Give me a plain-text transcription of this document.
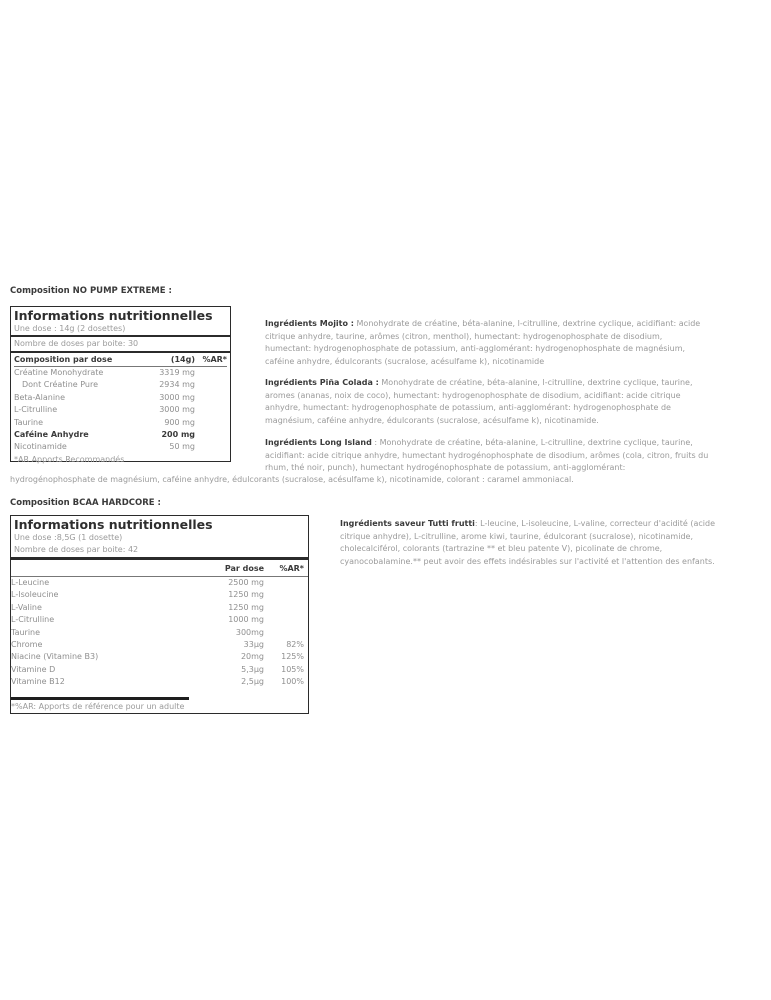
Composition NO PUMP EXTREME :
Informations nutritionnelles
Une dose : 14g (2 dosettes)
Nombre de doses par boite: 30
Composition par dose	(14g) %AR*
Créatine Monohydrate	3319 mg
Dont Créatine Pure	2934 mg
Beta-Alanine	3000 mg
L-Citrulline	3000 mg
Taurine	900 mg
Caféine Anhydre	200 mg
Nicotinamide	50 mg
*AR Apports Recommandés
Ingrédients Mojito : Monohydrate de créatine, béta-alanine, l-citrulline, dextrine cyclique, acidifiant: acide
citrique anhydre, taurine, arômes (citron, menthol), humectant: hydrogenophosphate de disodium,
humectant: hydrogenophosphate de potassium, anti-agglomérant: hydrogenophosphate de magnésium,
caféine anhydre, édulcorants (sucralose, acésulfame k), nicotinamide
Ingrédients Piña Colada : Monohydrate de créatine, béta-alanine, l-citrulline, dextrine cyclique, taurine,
aromes (ananas, noix de coco), humectant: hydrogenophosphate de disodium, acidifiant: acide citrique
anhydre, humectant: hydrogenophosphate de potassium, anti-agglomérant: hydrogenophosphate de
magnésium, caféine anhydre, édulcorants (sucralose, acésulfame k), nicotinamide.
Ingrédients Long Island : Monohydrate de créatine, béta-alanine, L-citrulline, dextrine cyclique, taurine,
acidifiant: acide citrique anhydre, humectant hydrogénophosphate de disodium, arômes (cola, citron, fruits du
rhum, thé noir, punch), humectant hydrogénophosphate de potassium, anti-agglomérant:
hydrogénophosphate de magnésium, caféine anhydre, édulcorants (sucralose, acésulfame k), nicotinamide, colorant : caramel ammoniacal.
Composition BCAA HARDCORE :
Informations nutritionnelles
Une dose :8,5G (1 dosette)
Nombre de doses par boite: 42
Par dose	%AR*
L-Leucine	2500 mg
L-Isoleucine	1250 mg
L-Valine	1250 mg
L-Citrulline	1000 mg
Taurine	300mg
Chrome	33µg	82%
Niacine (Vitamine B3)	20mg	125%
Vitamine D	5,3µg	105%
Vitamine B12	2,5µg	100%
*%AR: Apports de référence pour un adulte
Ingrédients saveur Tutti frutti: L-leucine, L-isoleucine, L-valine, correcteur d'acidité (acide
citrique anhydre), L-citrulline, arome kiwi, taurine, édulcorant (sucralose), nicotinamide,
cholecalciférol, colorants (tartrazine ** et bleu patente V), picolinate de chrome,
cyanocobalamine.** peut avoir des effets indésirables sur l'activité et l'attention des enfants.
